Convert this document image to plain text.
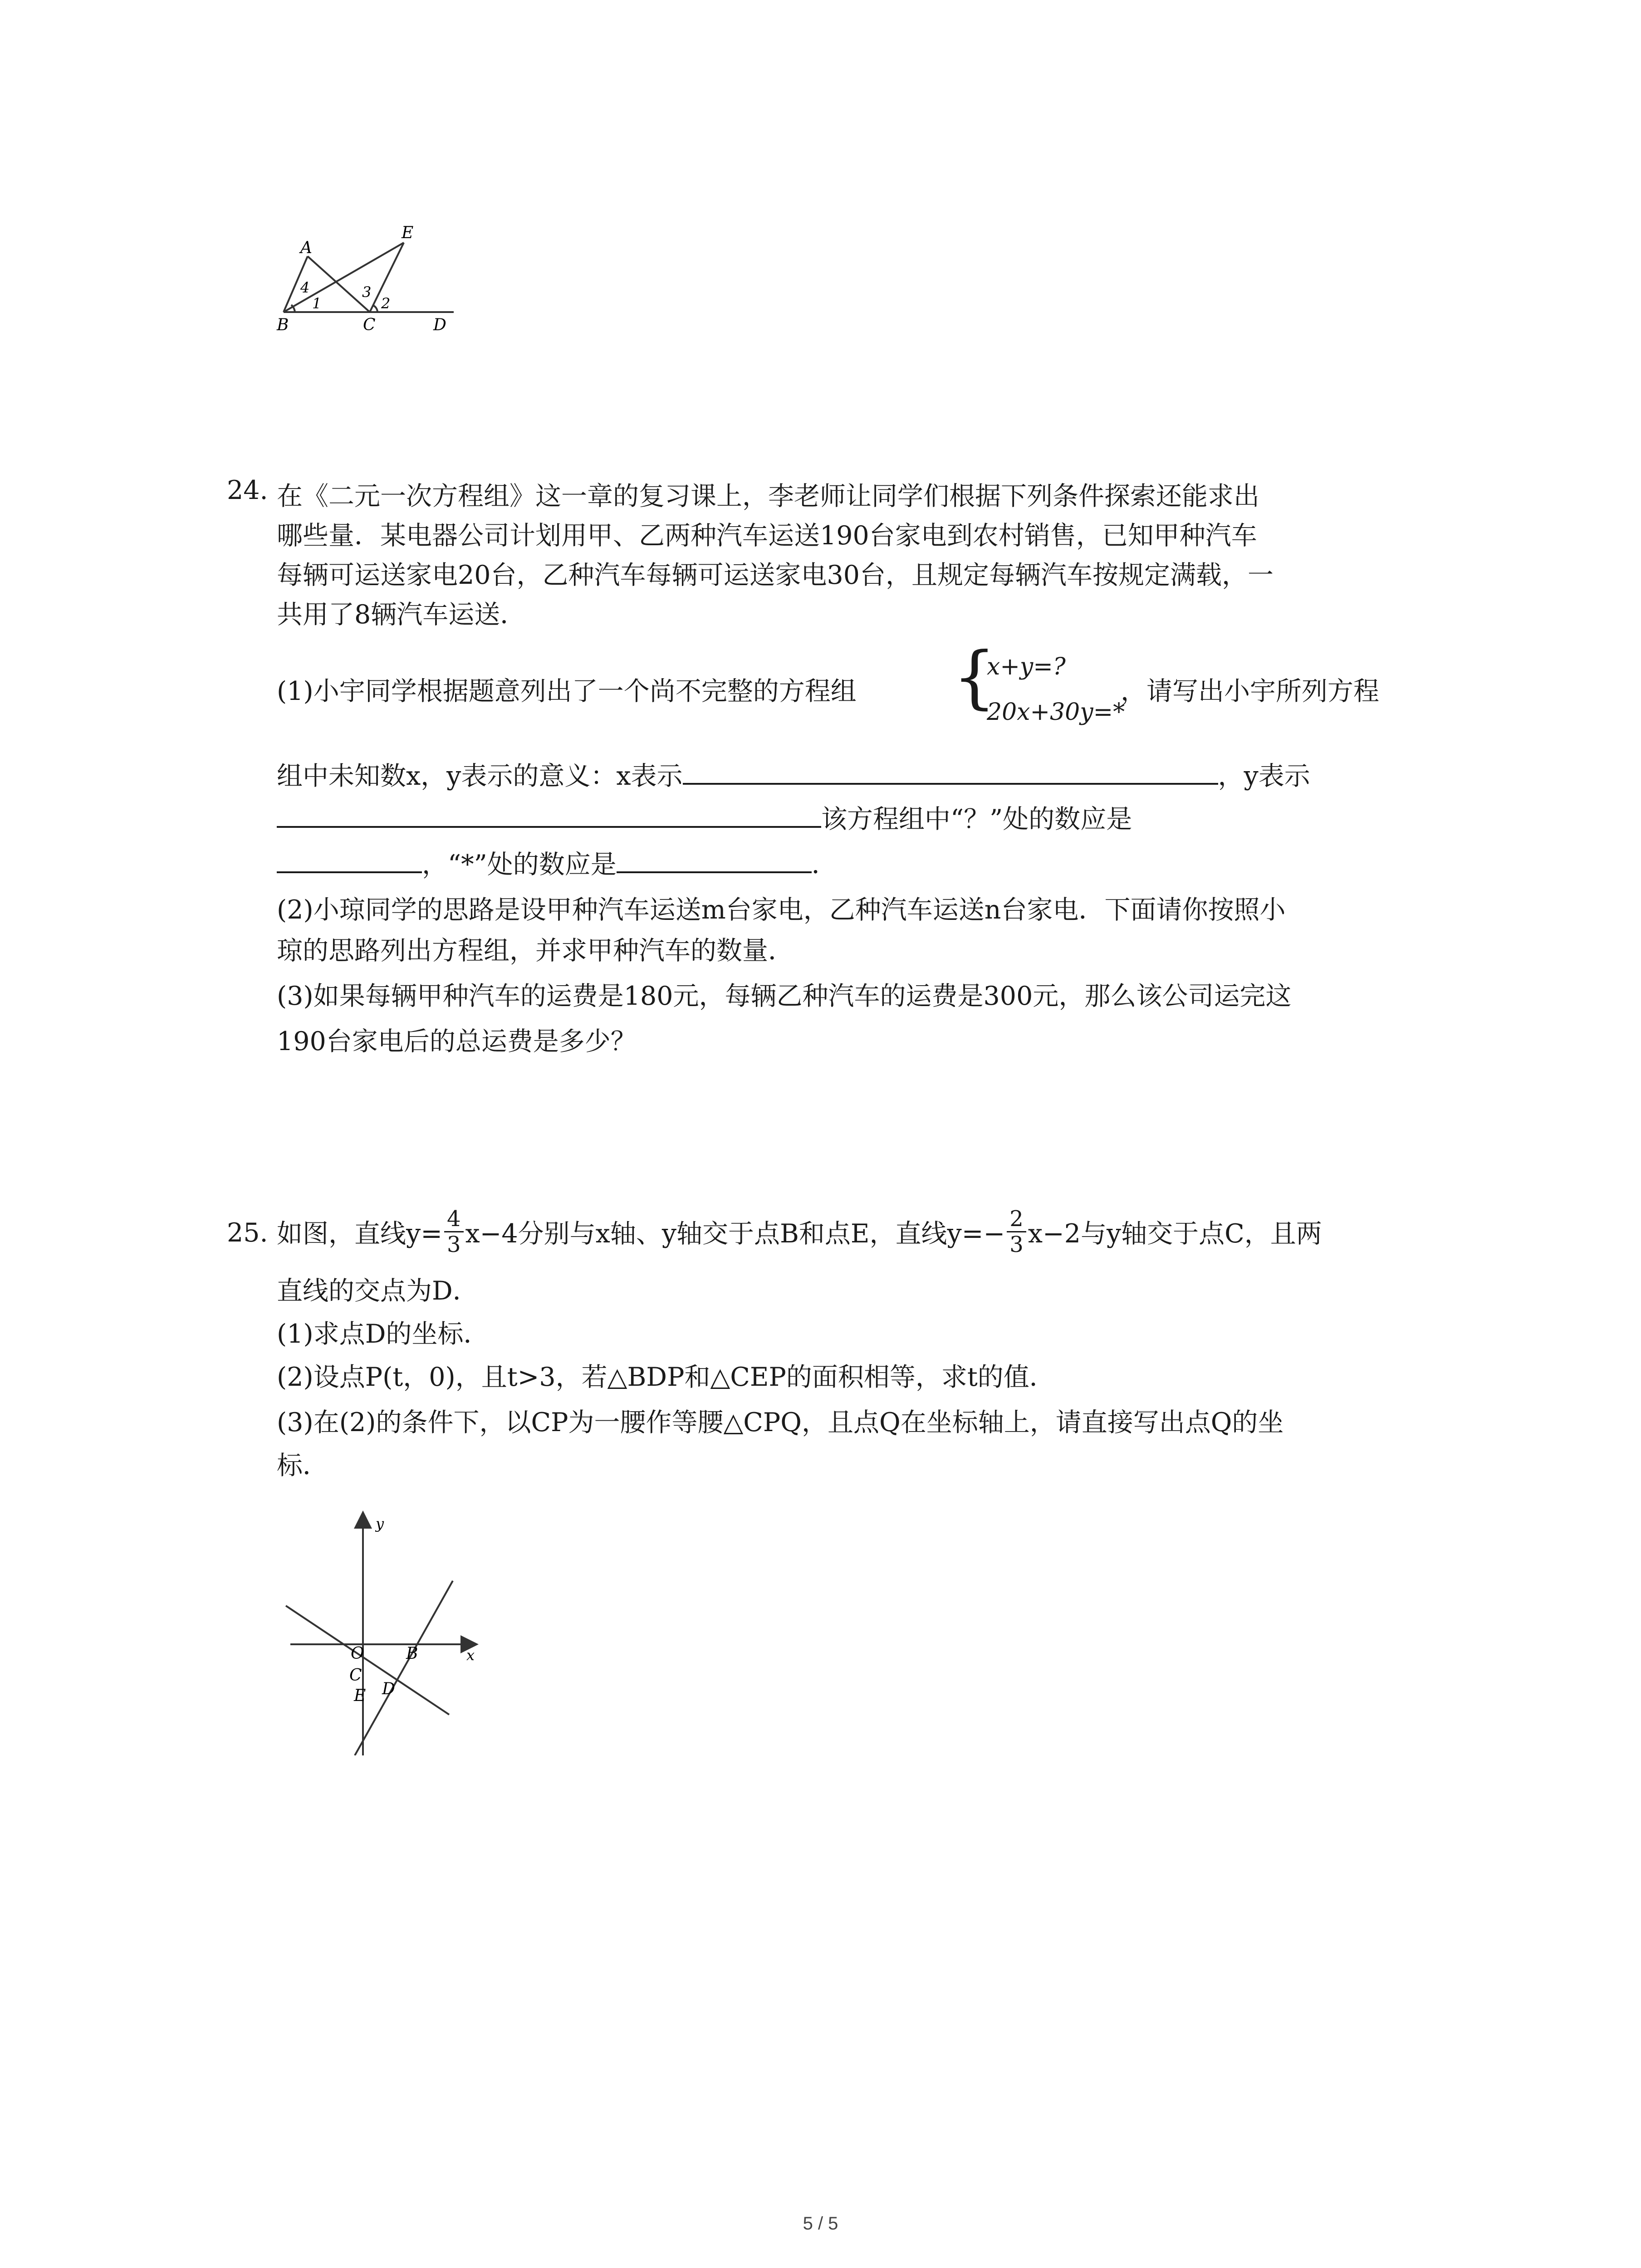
A
E
B	C	D
1	2
3
4
24. 在《二元一次方程组》这一章的复习课上，李老师让同学们根据下列条件探索还能求出
哪些量．某电器公司计划用甲、乙两种汽车运送190台家电到农村销售，已知甲种汽车
每辆可运送家电20台，乙种汽车每辆可运送家电30台，且规定每辆汽车按规定满载，一
共用了8辆汽车运送．
(1)小宇同学根据题意列出了一个尚不完整的方程组 {
x+y=?
20x+30y=*
，请写出小宇所列方程
组中未知数x，y表示的意义：x表示	，y表示
该方程组中“？”处的数应是
，“*”处的数应是	．
(2)小琼同学的思路是设甲种汽车运送m台家电，乙种汽车运送n台家电．下面请你按照小
琼的思路列出方程组，并求甲种汽车的数量．
(3)如果每辆甲种汽车的运费是180元，每辆乙种汽车的运费是300元，那么该公司运完这
190台家电后的总运费是多少？
25. 如图，直线$y= \frac{4}{3} x-4$分别与x轴、y轴交于点B和点E，直线$y=- \frac{2}{3} x-2$与y轴交于点C，且两
直线的交点为D．
(1)求点D的坐标．
(2)设点P(t，0)，且t>3，若△BDP和△CEP的面积相等，求t的值．
(3)在(2)的条件下，以CP为一腰作等腰△CPQ，且点Q在坐标轴上，请直接写出点Q的坐
标．
y
x
O	B
C
D
E
5 / 5
